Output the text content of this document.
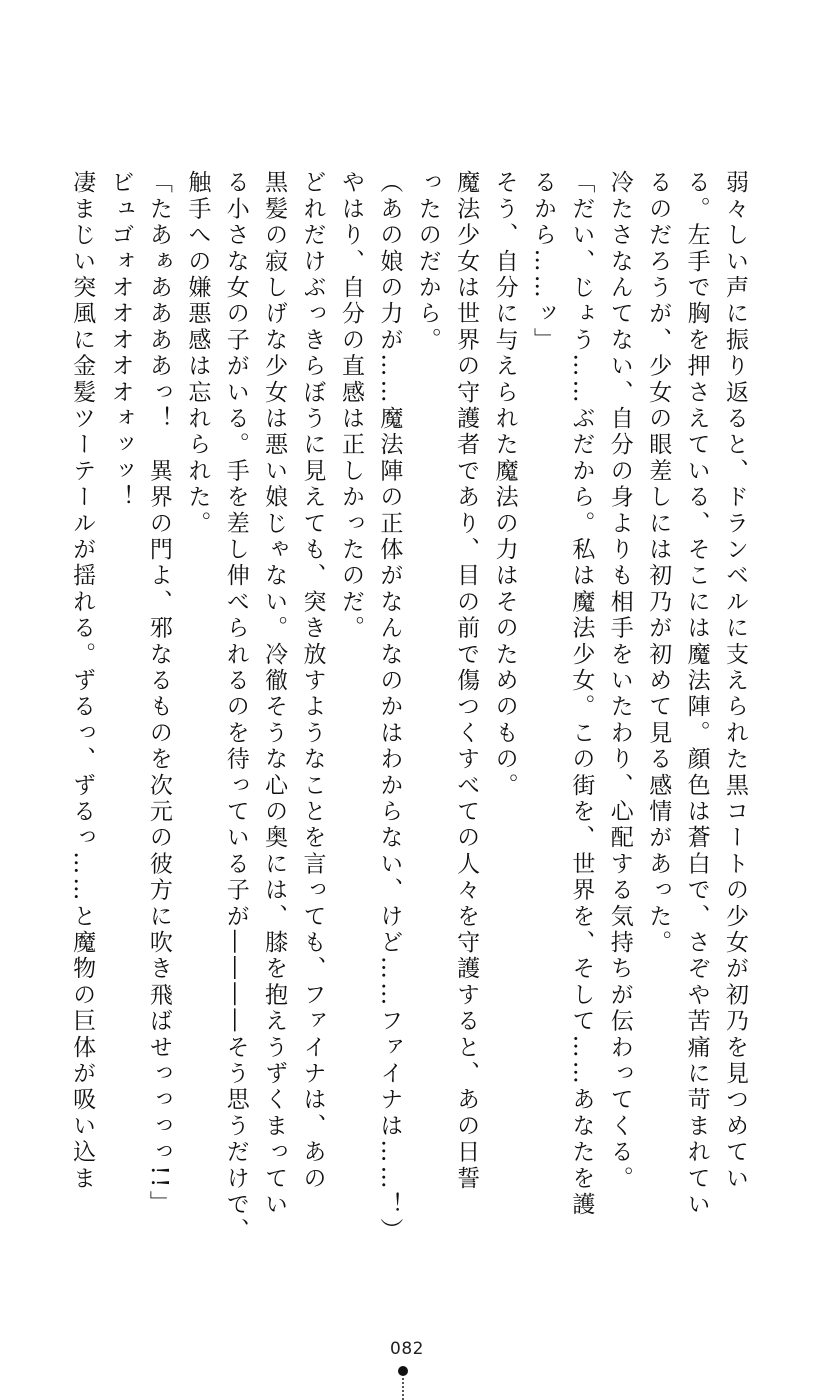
弱々しい声に振り返ると、ドランベルに支えられた黒コートの少女が初乃を見つめてい
る。左手で胸を押さえている、そこには魔法陣。顔色は蒼白で、さぞや苦痛に苛まれてい
るのだろうが、少女の眼差しには初乃が初めて見る感情があった。
冷たさなんてない、自分の身よりも相手をいたわり、心配する気持ちが伝わってくる。
「だい、じょう……ぶだから。私は魔法少女。この街を、世界を、そして……あなたを護
るから……ッ」
そう、自分に与えられた魔法の力はそのためのもの。
魔法少女は世界の守護者であり、目の前で傷つくすべての人々を守護すると、あの日誓
ったのだから。
（あの娘の力が……魔法陣の正体がなんなのかはわからない、けど……ファイナは……！）
やはり、自分の直感は正しかったのだ。
どれだけぶっきらぼうに見えても、突き放すようなことを言っても、ファイナは、あの
黒髪の寂しげな少女は悪い娘じゃない。冷徹そうな心の奥には、膝を抱えうずくまってい
る小さな女の子がいる。手を差し伸べられるのを待っている子が――――そう思うだけで、
触手への嫌悪感は忘れられた。
「たあぁああああっ！　異界の門よ、邪なるものを次元の彼方に吹き飛ばせっっっっ!!」
ビュゴォオオオオオォッッ！
凄まじい突風に金髪ツーテールが揺れる。ずるっ、ずるっ……と魔物の巨体が吸い込ま
082
